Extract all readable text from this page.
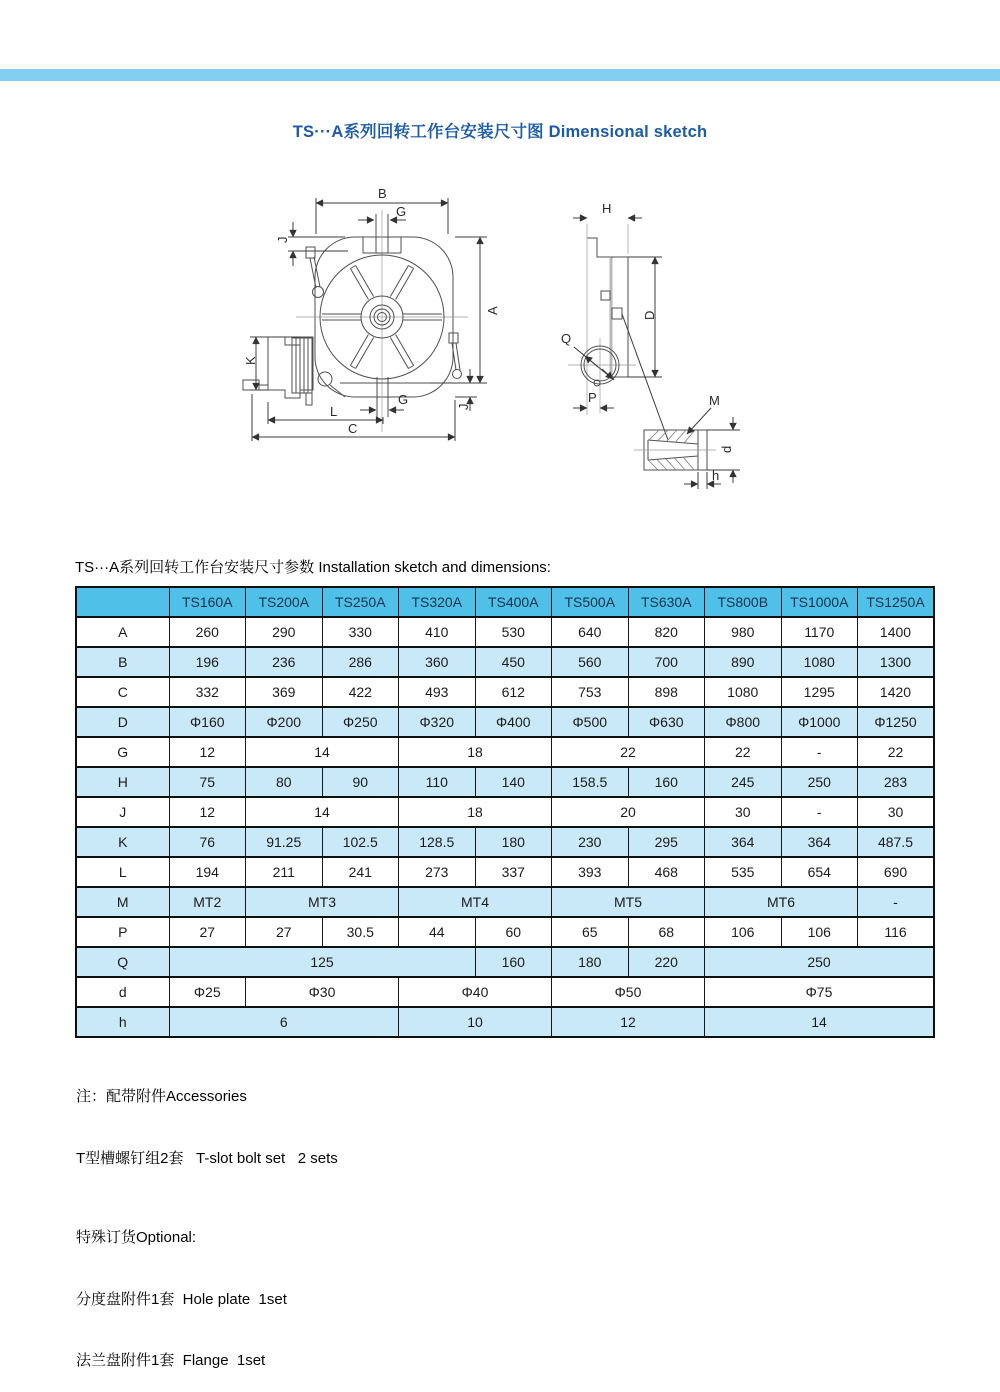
TS···A系列回转工作台安装尺寸图 Dimensional sketch
B
G
J
A
K
G	J
L
C
H
D
Q
P	M
d
h
TS···A系列回转工作台安装尺寸参数 Installation sketch and dimensions:
	TS160A	TS200A	TS250A	TS320A	TS400A	TS500A	TS630A	TS800B	TS1000A	TS1250A
A	260	290	330	410	530	640	820	980	1170	1400
B	196	236	286	360	450	560	700	890	1080	1300
C	332	369	422	493	612	753	898	1080	1295	1420
D	Φ160	Φ200	Φ250	Φ320	Φ400	Φ500	Φ630	Φ800	Φ1000	Φ1250
G	12	14		18		22		22	-	22
H	75	80	90	110	140	158.5	160	245	250	283
J	12	14		18		20		30	-	30
K	76	91.25	102.5	128.5	180	230	295	364	364	487.5
L	194	211	241	273	337	393	468	535	654	690
M	MT2	MT3		MT4		MT5		MT6		-
P	27	27	30.5	44	60	65	68	106	106	116
Q	125				160	180	220	250		
d	Φ25	Φ30		Φ40		Φ50		Φ75		
h	6			10		12		14		

注：配带附件Accessories

T型槽螺钉组2套   T-slot bolt set   2 sets

特殊订货Optional:

分度盘附件1套  Hole plate  1set

法兰盘附件1套  Flange  1set
